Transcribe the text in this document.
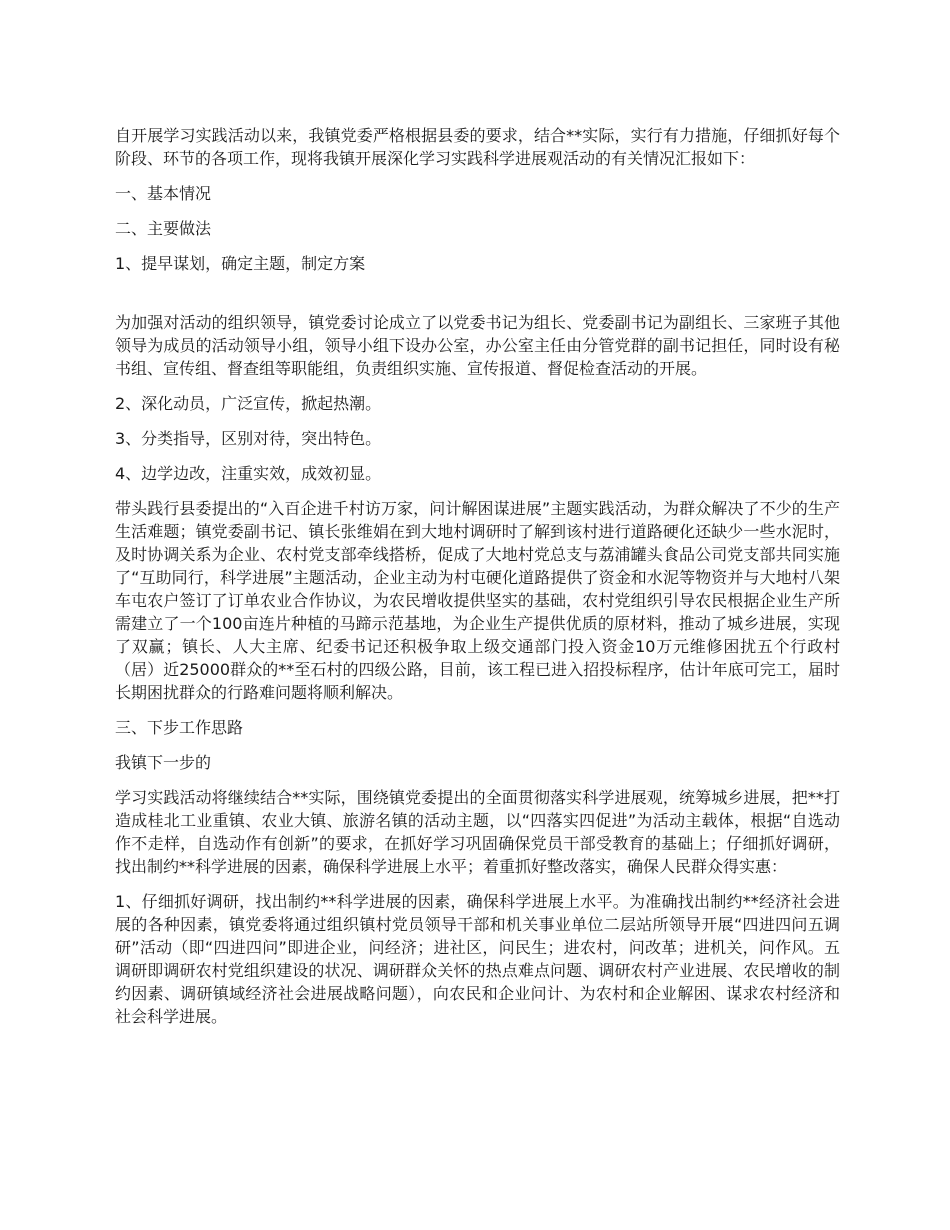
自开展学习实践活动以来，我镇党委严格根据县委的要求，结合**实际，实行有力措施，仔细抓好每个阶段、环节的各项工作，现将我镇开展深化学习实践科学进展观活动的有关情况汇报如下：

一、基本情况

二、主要做法

1、提早谋划，确定主题，制定方案

为加强对活动的组织领导，镇党委讨论成立了以党委书记为组长、党委副书记为副组长、三家班子其他领导为成员的活动领导小组，领导小组下设办公室，办公室主任由分管党群的副书记担任，同时设有秘书组、宣传组、督查组等职能组，负责组织实施、宣传报道、督促检查活动的开展。

2、深化动员，广泛宣传，掀起热潮。

3、分类指导，区别对待，突出特色。

4、边学边改，注重实效，成效初显。

带头践行县委提出的“入百企进千村访万家，问计解困谋进展”主题实践活动，为群众解决了不少的生产生活难题；镇党委副书记、镇长张维娟在到大地村调研时了解到该村进行道路硬化还缺少一些水泥时，及时协调关系为企业、农村党支部牵线搭桥，促成了大地村党总支与荔浦罐头食品公司党支部共同实施了“互助同行，科学进展”主题活动，企业主动为村屯硬化道路提供了资金和水泥等物资并与大地村八架车屯农户签订了订单农业合作协议，为农民增收提供坚实的基础，农村党组织引导农民根据企业生产所需建立了一个100亩连片种植的马蹄示范基地，为企业生产提供优质的原材料，推动了城乡进展，实现了双赢；镇长、人大主席、纪委书记还积极争取上级交通部门投入资金10万元维修困扰五个行政村（居）近25000群众的**至石村的四级公路，目前，该工程已进入招投标程序，估计年底可完工，届时长期困扰群众的行路难问题将顺利解决。

三、下步工作思路

我镇下一步的

学习实践活动将继续结合**实际，围绕镇党委提出的全面贯彻落实科学进展观，统筹城乡进展，把**打造成桂北工业重镇、农业大镇、旅游名镇的活动主题，以“四落实四促进”为活动主载体，根据“自选动作不走样，自选动作有创新”的要求，在抓好学习巩固确保党员干部受教育的基础上；仔细抓好调研，找出制约**科学进展的因素，确保科学进展上水平；着重抓好整改落实，确保人民群众得实惠：

1、仔细抓好调研，找出制约**科学进展的因素，确保科学进展上水平。为准确找出制约**经济社会进展的各种因素，镇党委将通过组织镇村党员领导干部和机关事业单位二层站所领导开展“四进四问五调研”活动（即“四进四问”即进企业，问经济；进社区，问民生；进农村，问改革；进机关，问作风。五调研即调研农村党组织建设的状况、调研群众关怀的热点难点问题、调研农村产业进展、农民增收的制约因素、调研镇域经济社会进展战略问题），向农民和企业问计、为农村和企业解困、谋求农村经济和社会科学进展。
